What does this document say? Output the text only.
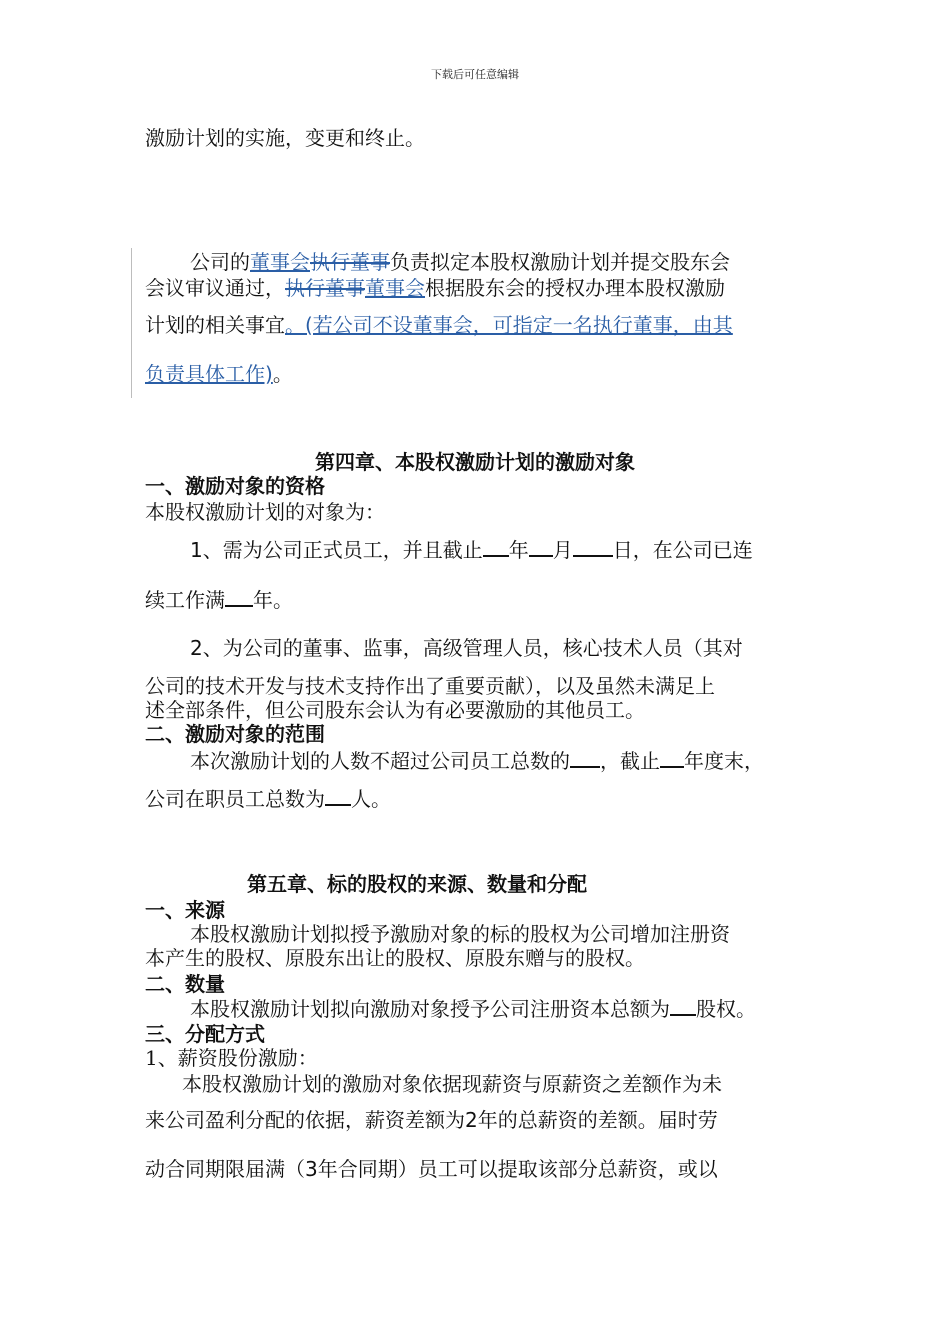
下载后可任意编辑
激励计划的实施，变更和终止。
公司的董事会执行董事负责拟定本股权激励计划并提交股东会
会议审议通过，执行董事董事会根据股东会的授权办理本股权激励
计划的相关事宜。(若公司不设董事会，可指定一名执行董事，由其
负责具体工作)。
第四章、本股权激励计划的激励对象
一、激励对象的资格
本股权激励计划的对象为：
1、需为公司正式员工，并且截止 年 月 日，在公司已连
续工作满 年。
2、为公司的董事、监事，高级管理人员，核心技术人员（其对
公司的技术开发与技术支持作出了重要贡献），以及虽然未满足上
述全部条件，但公司股东会认为有必要激励的其他员工。
二、激励对象的范围
本次激励计划的人数不超过公司员工总数的 ，截止 年度末，
公司在职员工总数为 人。
第五章、标的股权的来源、数量和分配
一、来源
本股权激励计划拟授予激励对象的标的股权为公司增加注册资
本产生的股权、原股东出让的股权、原股东赠与的股权。
二、数量
本股权激励计划拟向激励对象授予公司注册资本总额为 股权。
三、分配方式
1、薪资股份激励：
本股权激励计划的激励对象依据现薪资与原薪资之差额作为未
来公司盈利分配的依据，薪资差额为2年的总薪资的差额。届时劳
动合同期限届满（3年合同期）员工可以提取该部分总薪资，或以
